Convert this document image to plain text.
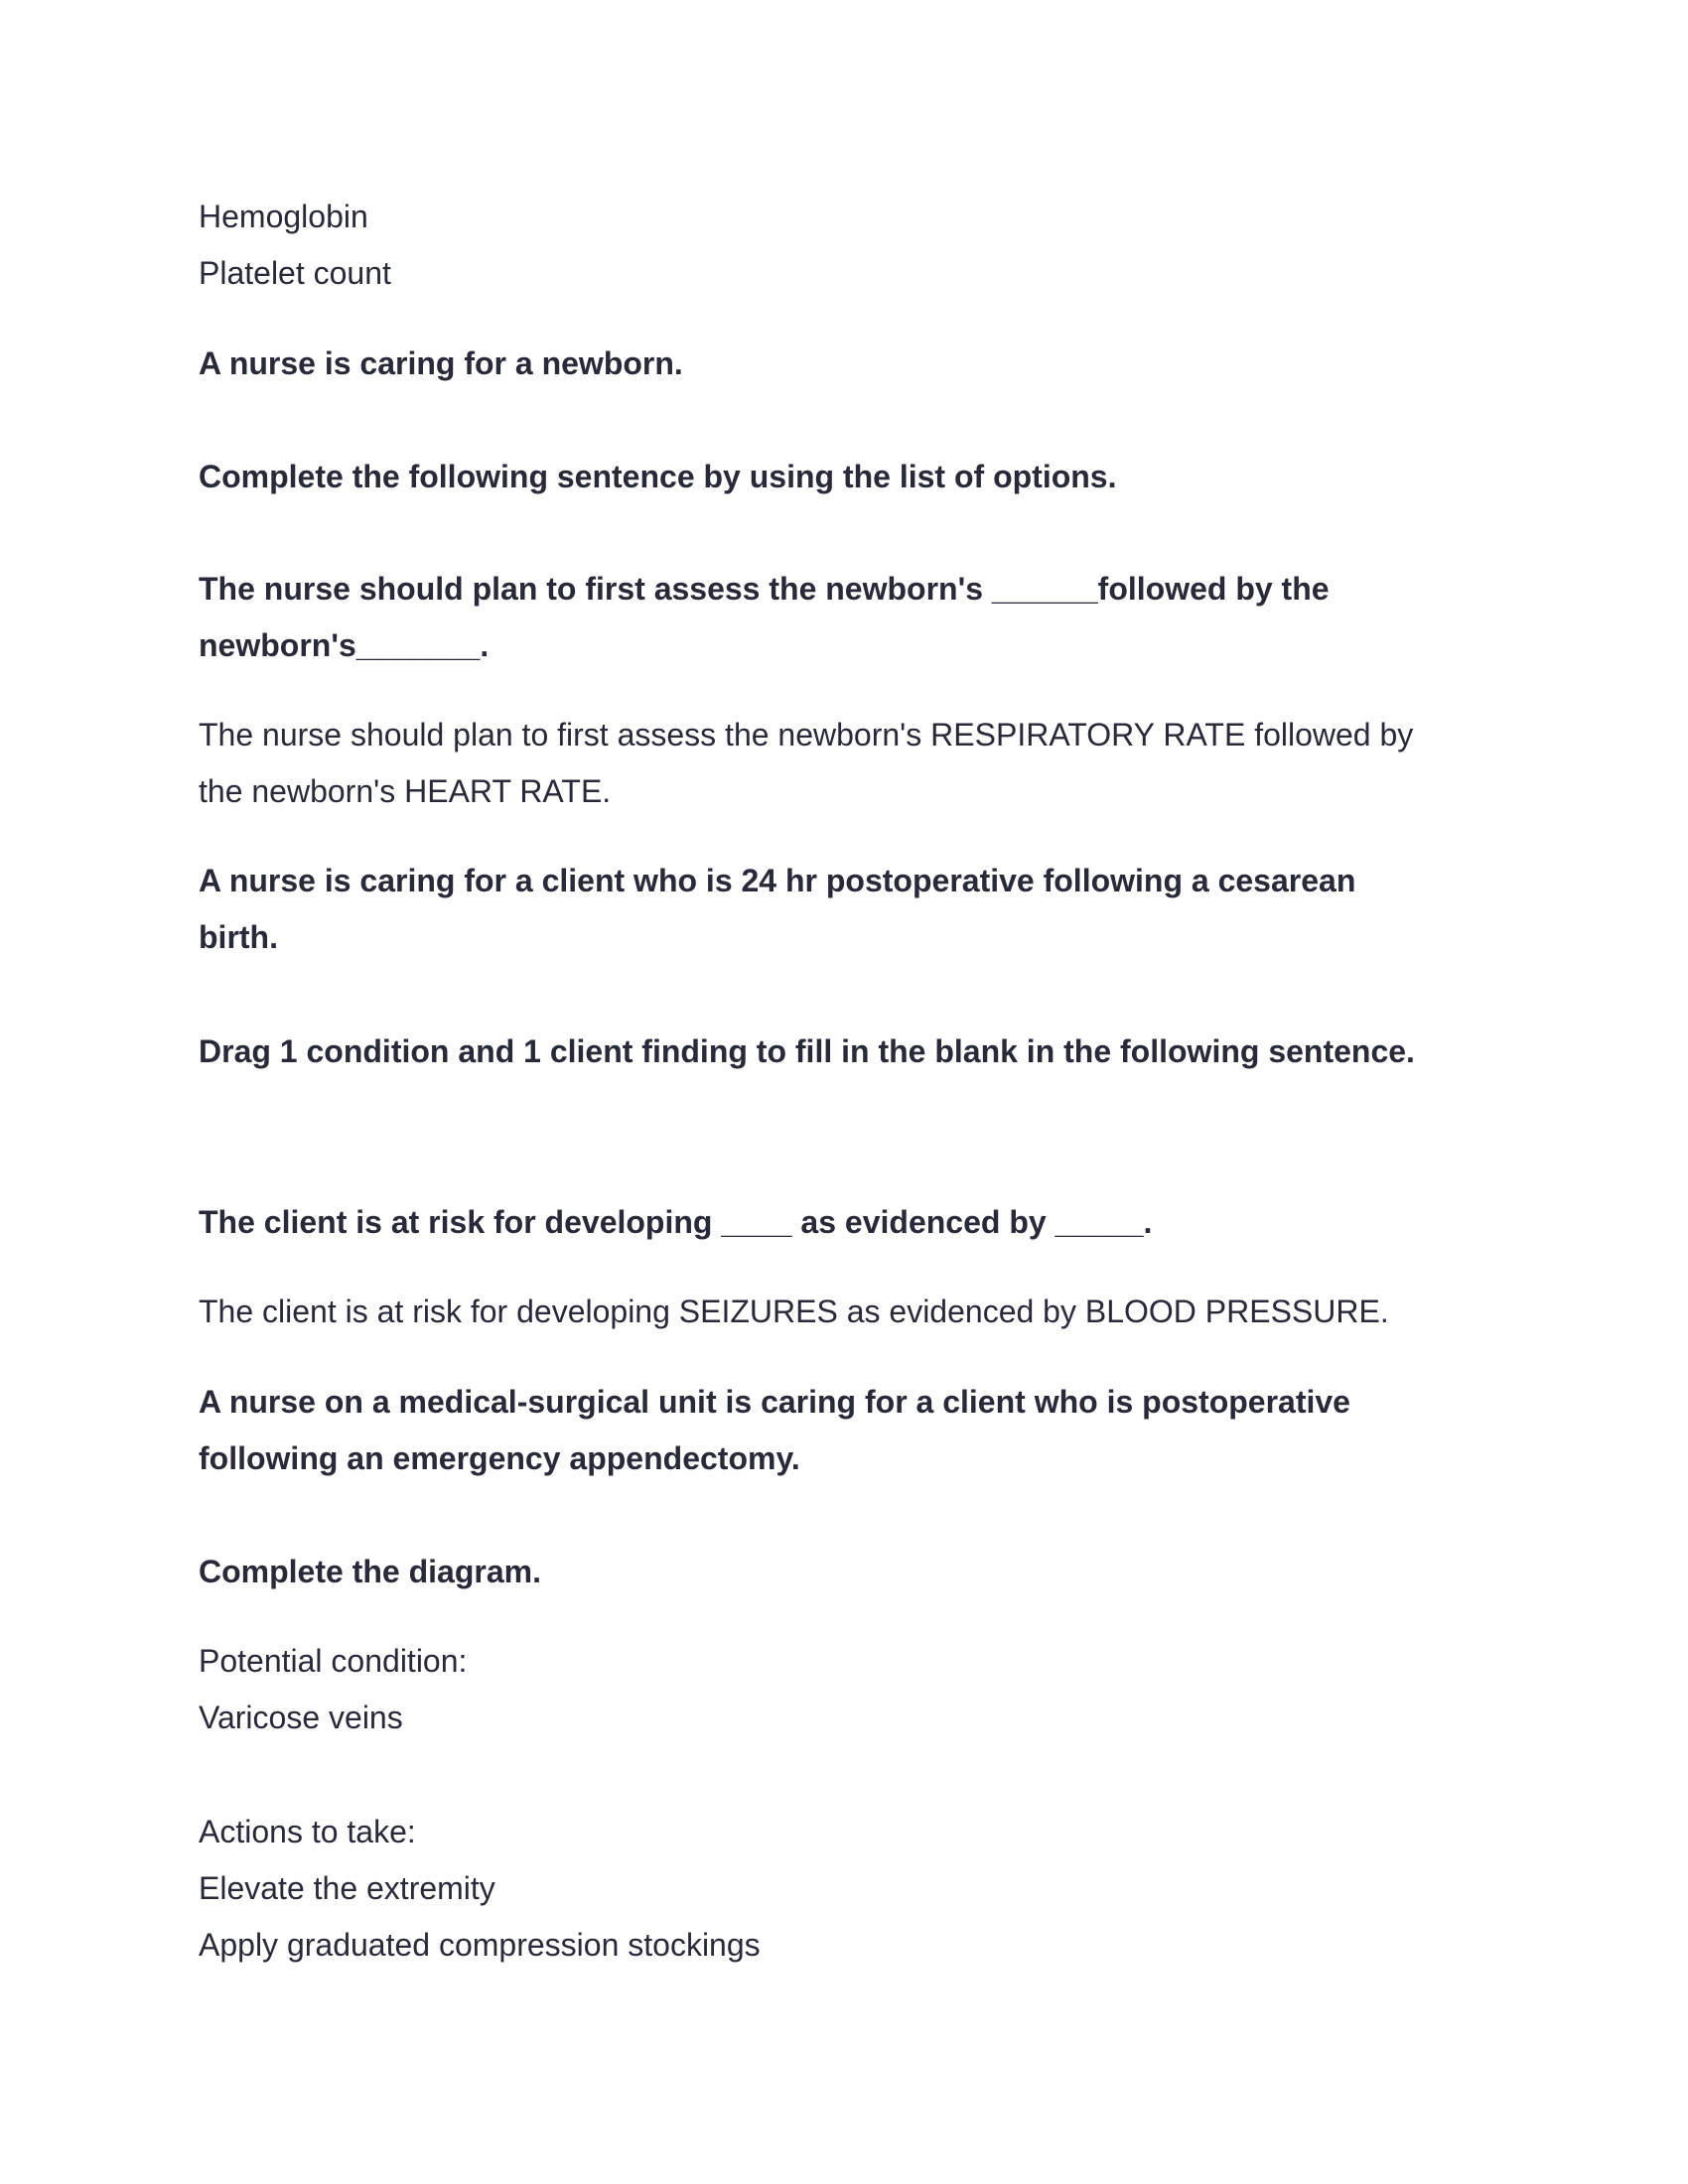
Hemoglobin

Platelet count

A nurse is caring for a newborn.

Complete the following sentence by using the list of options.

The nurse should plan to first assess the newborn's ______followed by the

newborn's_______.

The nurse should plan to first assess the newborn's RESPIRATORY RATE followed by

the newborn's HEART RATE.

A nurse is caring for a client who is 24 hr postoperative following a cesarean

birth.

Drag 1 condition and 1 client finding to fill in the blank in the following sentence.

The client is at risk for developing ____ as evidenced by _____.

The client is at risk for developing SEIZURES as evidenced by BLOOD PRESSURE.

A nurse on a medical-surgical unit is caring for a client who is postoperative

following an emergency appendectomy.

Complete the diagram.

Potential condition:

Varicose veins

Actions to take:

Elevate the extremity

Apply graduated compression stockings
